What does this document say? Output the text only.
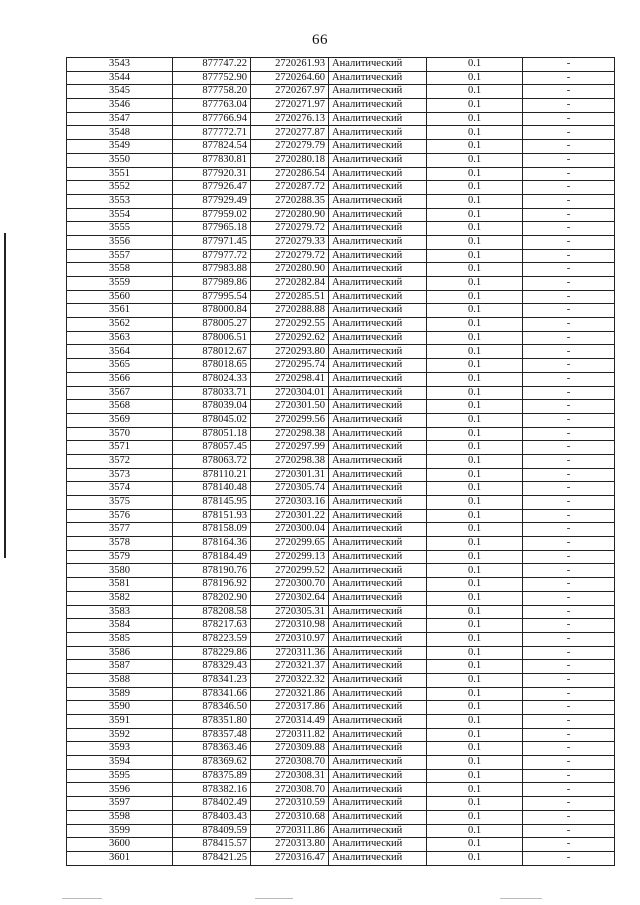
66
3543	877747.22	2720261.93	Аналитический	0.1	-
3544	877752.90	2720264.60	Аналитический	0.1	-
3545	877758.20	2720267.97	Аналитический	0.1	-
3546	877763.04	2720271.97	Аналитический	0.1	-
3547	877766.94	2720276.13	Аналитический	0.1	-
3548	877772.71	2720277.87	Аналитический	0.1	-
3549	877824.54	2720279.79	Аналитический	0.1	-
3550	877830.81	2720280.18	Аналитический	0.1	-
3551	877920.31	2720286.54	Аналитический	0.1	-
3552	877926.47	2720287.72	Аналитический	0.1	-
3553	877929.49	2720288.35	Аналитический	0.1	-
3554	877959.02	2720280.90	Аналитический	0.1	-
3555	877965.18	2720279.72	Аналитический	0.1	-
3556	877971.45	2720279.33	Аналитический	0.1	-
3557	877977.72	2720279.72	Аналитический	0.1	-
3558	877983.88	2720280.90	Аналитический	0.1	-
3559	877989.86	2720282.84	Аналитический	0.1	-
3560	877995.54	2720285.51	Аналитический	0.1	-
3561	878000.84	2720288.88	Аналитический	0.1	-
3562	878005.27	2720292.55	Аналитический	0.1	-
3563	878006.51	2720292.62	Аналитический	0.1	-
3564	878012.67	2720293.80	Аналитический	0.1	-
3565	878018.65	2720295.74	Аналитический	0.1	-
3566	878024.33	2720298.41	Аналитический	0.1	-
3567	878033.71	2720304.01	Аналитический	0.1	-
3568	878039.04	2720301.50	Аналитический	0.1	-
3569	878045.02	2720299.56	Аналитический	0.1	-
3570	878051.18	2720298.38	Аналитический	0.1	-
3571	878057.45	2720297.99	Аналитический	0.1	-
3572	878063.72	2720298.38	Аналитический	0.1	-
3573	878110.21	2720301.31	Аналитический	0.1	-
3574	878140.48	2720305.74	Аналитический	0.1	-
3575	878145.95	2720303.16	Аналитический	0.1	-
3576	878151.93	2720301.22	Аналитический	0.1	-
3577	878158.09	2720300.04	Аналитический	0.1	-
3578	878164.36	2720299.65	Аналитический	0.1	-
3579	878184.49	2720299.13	Аналитический	0.1	-
3580	878190.76	2720299.52	Аналитический	0.1	-
3581	878196.92	2720300.70	Аналитический	0.1	-
3582	878202.90	2720302.64	Аналитический	0.1	-
3583	878208.58	2720305.31	Аналитический	0.1	-
3584	878217.63	2720310.98	Аналитический	0.1	-
3585	878223.59	2720310.97	Аналитический	0.1	-
3586	878229.86	2720311.36	Аналитический	0.1	-
3587	878329.43	2720321.37	Аналитический	0.1	-
3588	878341.23	2720322.32	Аналитический	0.1	-
3589	878341.66	2720321.86	Аналитический	0.1	-
3590	878346.50	2720317.86	Аналитический	0.1	-
3591	878351.80	2720314.49	Аналитический	0.1	-
3592	878357.48	2720311.82	Аналитический	0.1	-
3593	878363.46	2720309.88	Аналитический	0.1	-
3594	878369.62	2720308.70	Аналитический	0.1	-
3595	878375.89	2720308.31	Аналитический	0.1	-
3596	878382.16	2720308.70	Аналитический	0.1	-
3597	878402.49	2720310.59	Аналитический	0.1	-
3598	878403.43	2720310.68	Аналитический	0.1	-
3599	878409.59	2720311.86	Аналитический	0.1	-
3600	878415.57	2720313.80	Аналитический	0.1	-
3601	878421.25	2720316.47	Аналитический	0.1	-
